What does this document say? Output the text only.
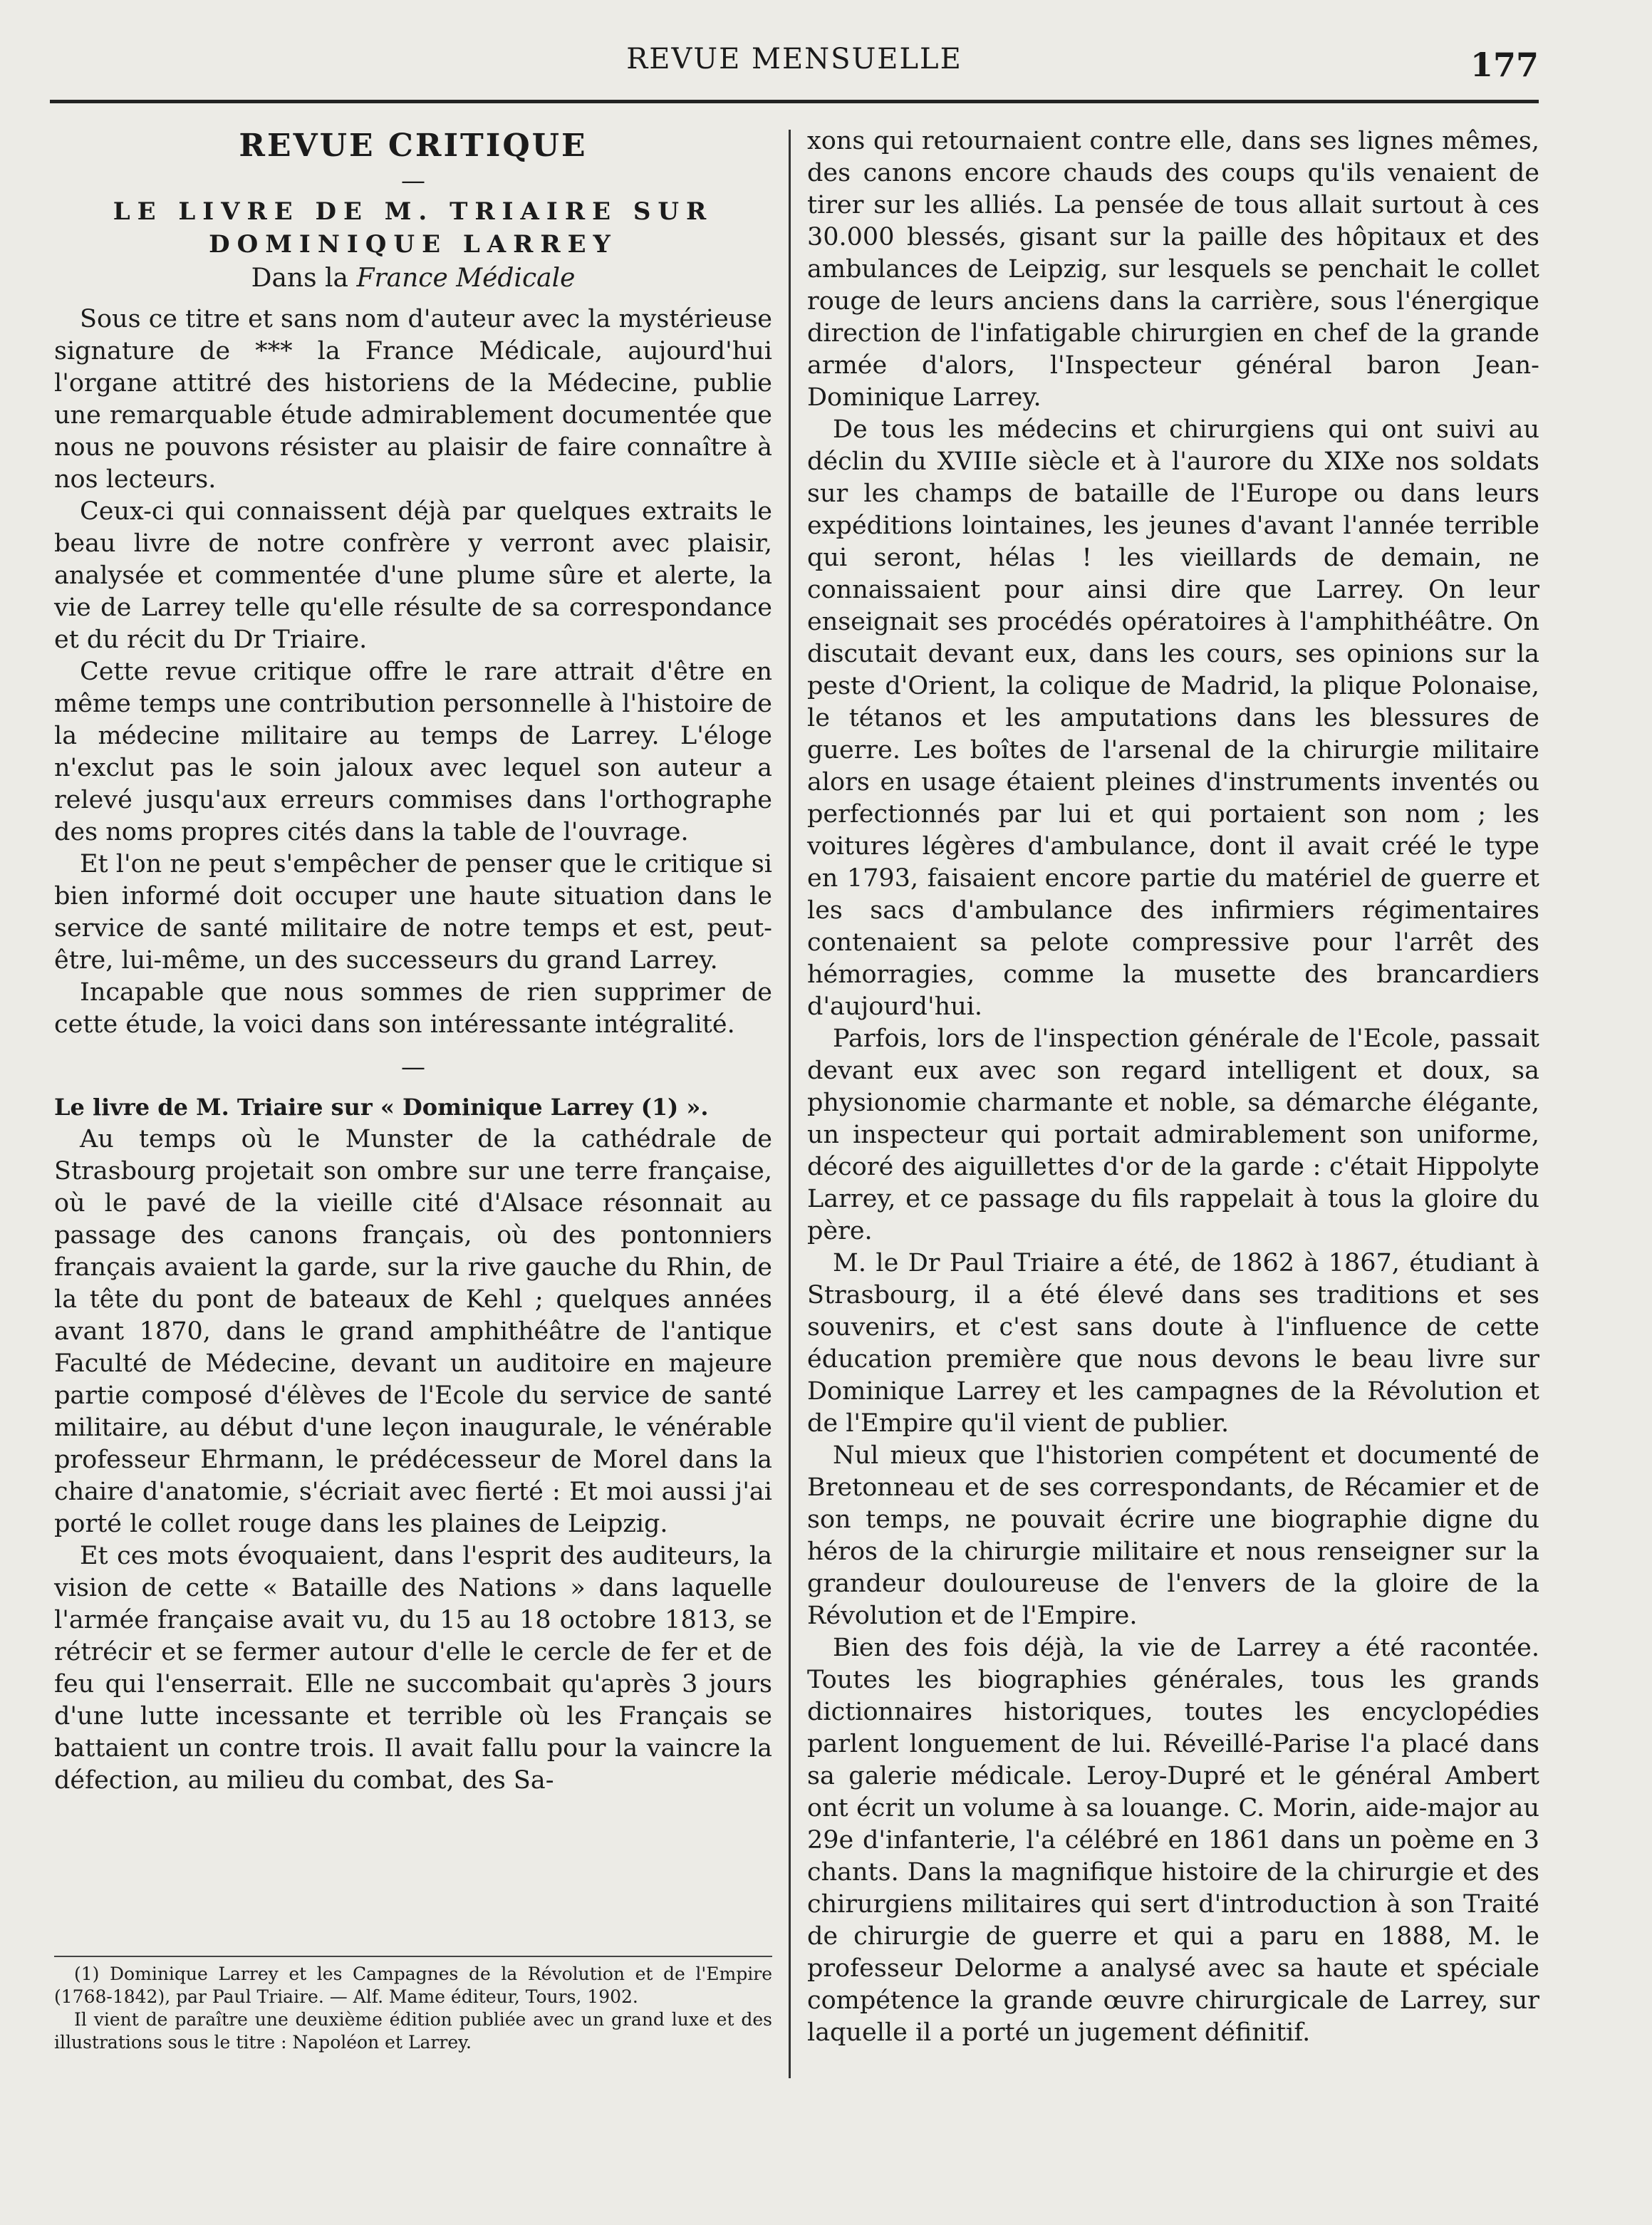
REVUE MENSUELLE	177
REVUE CRITIQUE
—
LE LIVRE DE M. TRIAIRE SUR DOMINIQUE LARREY
Dans la France Médicale

Sous ce titre et sans nom d'auteur avec la mystérieuse signature de *** la France Médicale, aujourd'hui l'organe attitré des historiens de la Médecine, publie une remarquable étude admirablement documentée que nous ne pouvons résister au plaisir de faire connaître à nos lecteurs.

Ceux-ci qui connaissent déjà par quelques extraits le beau livre de notre confrère y verront avec plaisir, analysée et commentée d'une plume sûre et alerte, la vie de Larrey telle qu'elle résulte de sa correspondance et du récit du Dr Triaire.

Cette revue critique offre le rare attrait d'être en même temps une contribution personnelle à l'histoire de la médecine militaire au temps de Larrey. L'éloge n'exclut pas le soin jaloux avec lequel son auteur a relevé jusqu'aux erreurs commises dans l'orthographe des noms propres cités dans la table de l'ouvrage.

Et l'on ne peut s'empêcher de penser que le critique si bien informé doit occuper une haute situation dans le service de santé militaire de notre temps et est, peut-être, lui-même, un des successeurs du grand Larrey.

Incapable que nous sommes de rien supprimer de cette étude, la voici dans son intéressante intégralité.

—

Le livre de M. Triaire sur « Dominique Larrey (1) ».

Au temps où le Munster de la cathédrale de Strasbourg projetait son ombre sur une terre française, où le pavé de la vieille cité d'Alsace résonnait au passage des canons français, où des pontonniers français avaient la garde, sur la rive gauche du Rhin, de la tête du pont de bateaux de Kehl ; quelques années avant 1870, dans le grand amphithéâtre de l'antique Faculté de Médecine, devant un auditoire en majeure partie composé d'élèves de l'Ecole du service de santé militaire, au début d'une leçon inaugurale, le vénérable professeur Ehrmann, le prédécesseur de Morel dans la chaire d'anatomie, s'écriait avec fierté : Et moi aussi j'ai porté le collet rouge dans les plaines de Leipzig.

Et ces mots évoquaient, dans l'esprit des auditeurs, la vision de cette « Bataille des Nations » dans laquelle l'armée française avait vu, du 15 au 18 octobre 1813, se rétrécir et se fermer autour d'elle le cercle de fer et de feu qui l'enserrait. Elle ne succombait qu'après 3 jours d'une lutte incessante et terrible où les Français se battaient un contre trois. Il avait fallu pour la vaincre la défection, au milieu du combat, des Sa-

(1) Dominique Larrey et les Campagnes de la Révolution et de l'Empire (1768-1842), par Paul Triaire. — Alf. Mame éditeur, Tours, 1902.

Il vient de paraître une deuxième édition publiée avec un grand luxe et des illustrations sous le titre : Napoléon et Larrey.

xons qui retournaient contre elle, dans ses lignes mêmes, des canons encore chauds des coups qu'ils venaient de tirer sur les alliés. La pensée de tous allait surtout à ces 30.000 blessés, gisant sur la paille des hôpitaux et des ambulances de Leipzig, sur lesquels se penchait le collet rouge de leurs anciens dans la carrière, sous l'énergique direction de l'infatigable chirurgien en chef de la grande armée d'alors, l'Inspecteur général baron Jean-Dominique Larrey.

De tous les médecins et chirurgiens qui ont suivi au déclin du XVIIIe siècle et à l'aurore du XIXe nos soldats sur les champs de bataille de l'Europe ou dans leurs expéditions lointaines, les jeunes d'avant l'année terrible qui seront, hélas ! les vieillards de demain, ne connaissaient pour ainsi dire que Larrey. On leur enseignait ses procédés opératoires à l'amphithéâtre. On discutait devant eux, dans les cours, ses opinions sur la peste d'Orient, la colique de Madrid, la plique Polonaise, le tétanos et les amputations dans les blessures de guerre. Les boîtes de l'arsenal de la chirurgie militaire alors en usage étaient pleines d'instruments inventés ou perfectionnés par lui et qui portaient son nom ; les voitures légères d'ambulance, dont il avait créé le type en 1793, faisaient encore partie du matériel de guerre et les sacs d'ambulance des infirmiers régimentaires contenaient sa pelote compressive pour l'arrêt des hémorragies, comme la musette des brancardiers d'aujourd'hui.

Parfois, lors de l'inspection générale de l'Ecole, passait devant eux avec son regard intelligent et doux, sa physionomie charmante et noble, sa démarche élégante, un inspecteur qui portait admirablement son uniforme, décoré des aiguillettes d'or de la garde : c'était Hippolyte Larrey, et ce passage du fils rappelait à tous la gloire du père.

M. le Dr Paul Triaire a été, de 1862 à 1867, étudiant à Strasbourg, il a été élevé dans ses traditions et ses souvenirs, et c'est sans doute à l'influence de cette éducation première que nous devons le beau livre sur Dominique Larrey et les campagnes de la Révolution et de l'Empire qu'il vient de publier.

Nul mieux que l'historien compétent et documenté de Bretonneau et de ses correspondants, de Récamier et de son temps, ne pouvait écrire une biographie digne du héros de la chirurgie militaire et nous renseigner sur la grandeur douloureuse de l'envers de la gloire de la Révolution et de l'Empire.

Bien des fois déjà, la vie de Larrey a été racontée. Toutes les biographies générales, tous les grands dictionnaires historiques, toutes les encyclopédies parlent longuement de lui. Réveillé-Parise l'a placé dans sa galerie médicale. Leroy-Dupré et le général Ambert ont écrit un volume à sa louange. C. Morin, aide-major au 29e d'infanterie, l'a célébré en 1861 dans un poème en 3 chants. Dans la magnifique histoire de la chirurgie et des chirurgiens militaires qui sert d'introduction à son Traité de chirurgie de guerre et qui a paru en 1888, M. le professeur Delorme a analysé avec sa haute et spéciale compétence la grande œuvre chirurgicale de Larrey, sur laquelle il a porté un jugement définitif.
